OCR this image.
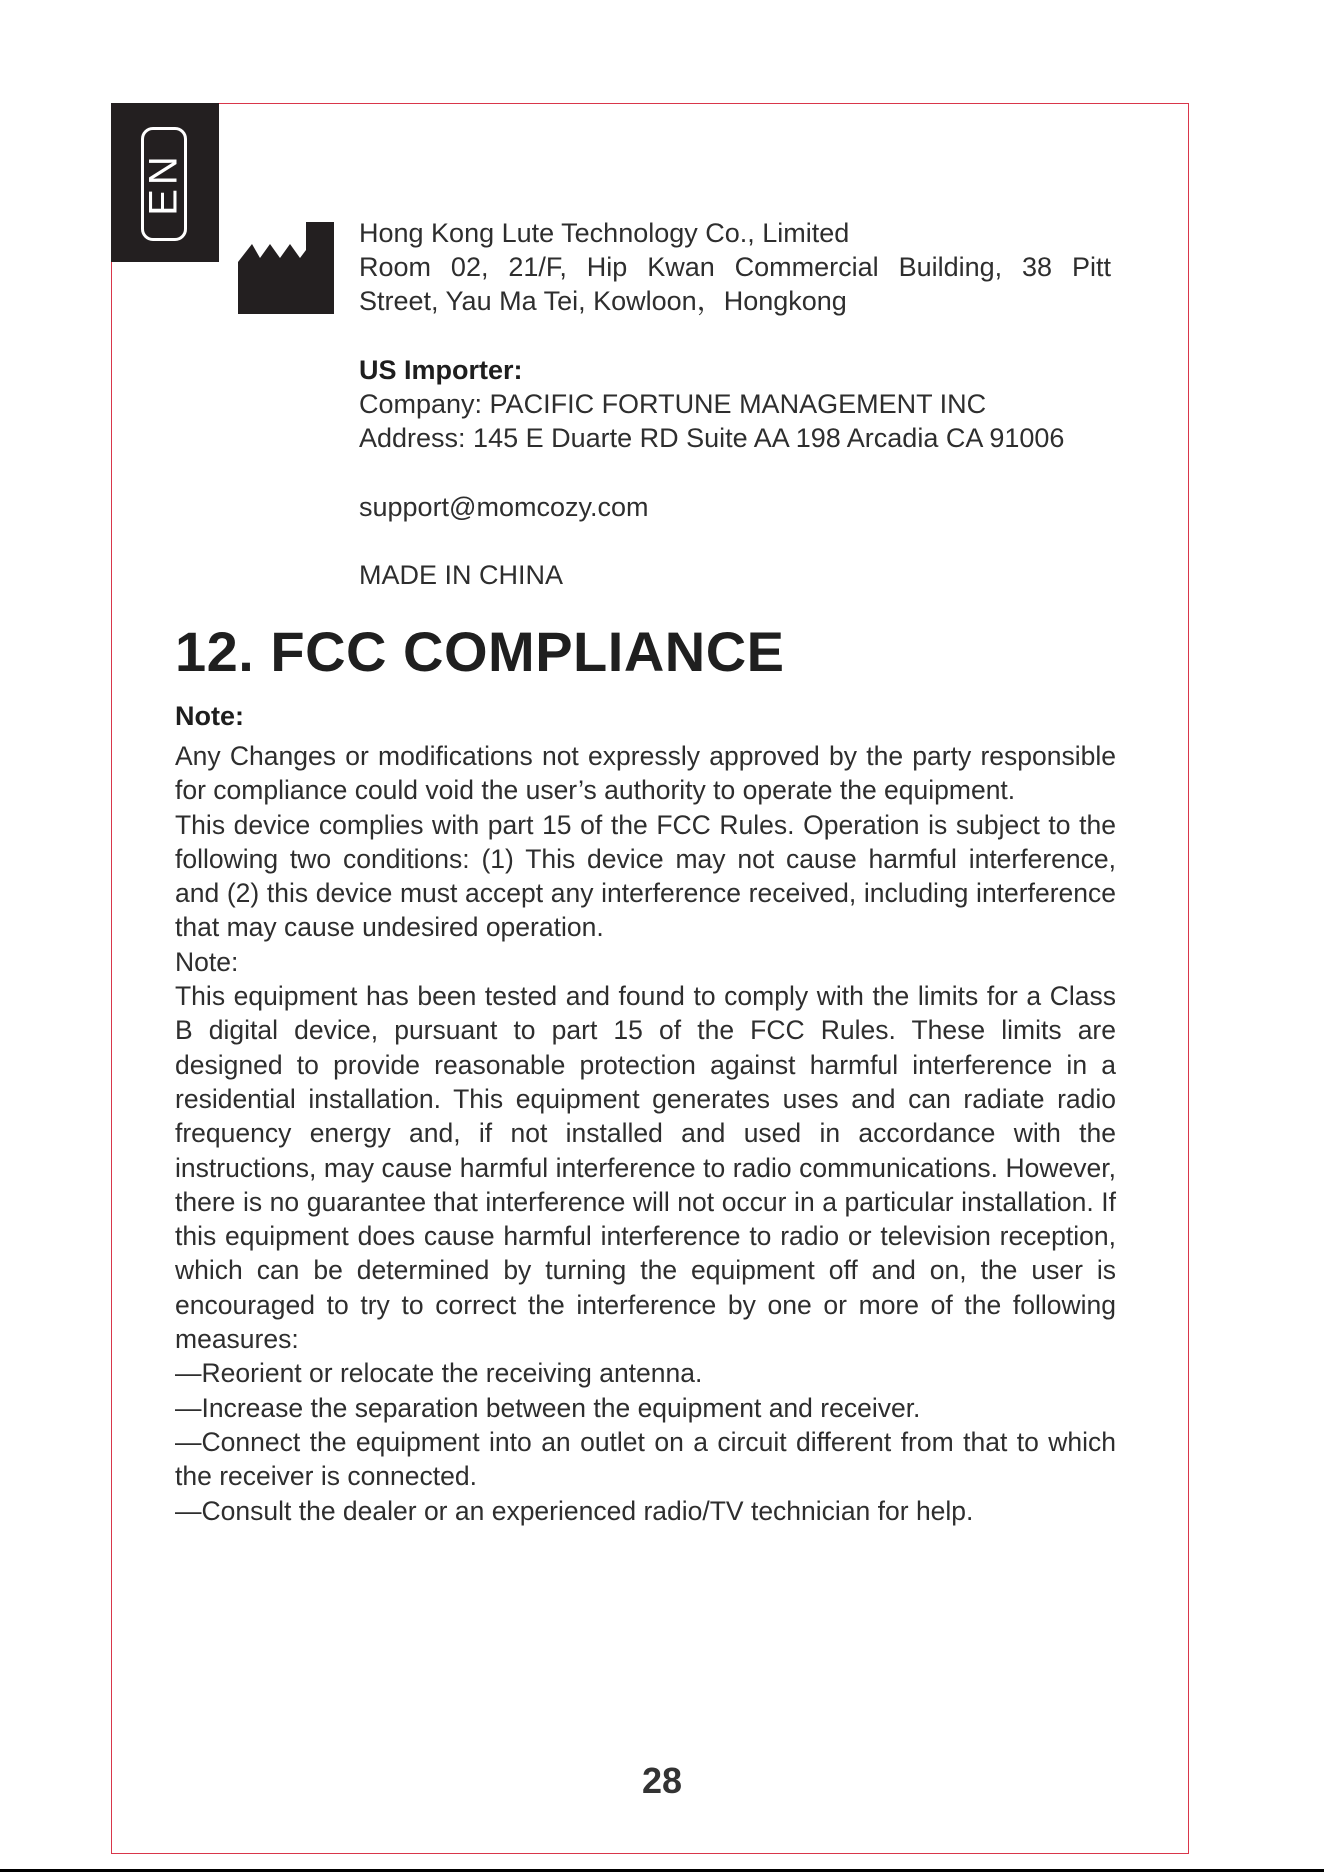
EN
Hong Kong Lute Technology Co., Limited
Room 02, 21/F, Hip Kwan Commercial Building, 38 Pitt
Street, Yau Ma Tei, Kowloon，Hongkong
US Importer:
Company: PACIFIC FORTUNE MANAGEMENT INC
Address: 145 E Duarte RD Suite AA 198 Arcadia CA 91006
support@momcozy.com
MADE IN CHINA
12. FCC COMPLIANCE
Note:

Any Changes or modifications not expressly approved by the party responsible for compliance could void the user’s authority to operate the equipment.

This device complies with part 15 of the FCC Rules. Operation is subject to the following two conditions: (1) This device may not cause harmful interference, and (2) this device must accept any interference received, including interference that may cause undesired operation.

Note:

This equipment has been tested and found to comply with the limits for a Class B digital device, pursuant to part 15 of the FCC Rules. These limits are designed to provide reasonable protection against harmful interference in a residential installation. This equipment generates uses and can radiate radio frequency energy and, if not installed and used in accordance with the instructions, may cause harmful interference to radio communications. However, there is no guarantee that interference will not occur in a particular installation. If this equipment does cause harmful interference to radio or television reception, which can be determined by turning the equipment off and on, the user is encouraged to try to correct the interference by one or more of the following measures:

—Reorient or relocate the receiving antenna.

—Increase the separation between the equipment and receiver.

—Connect the equipment into an outlet on a circuit different from that to which the receiver is connected.

—Consult the dealer or an experienced radio/TV technician for help.

28
